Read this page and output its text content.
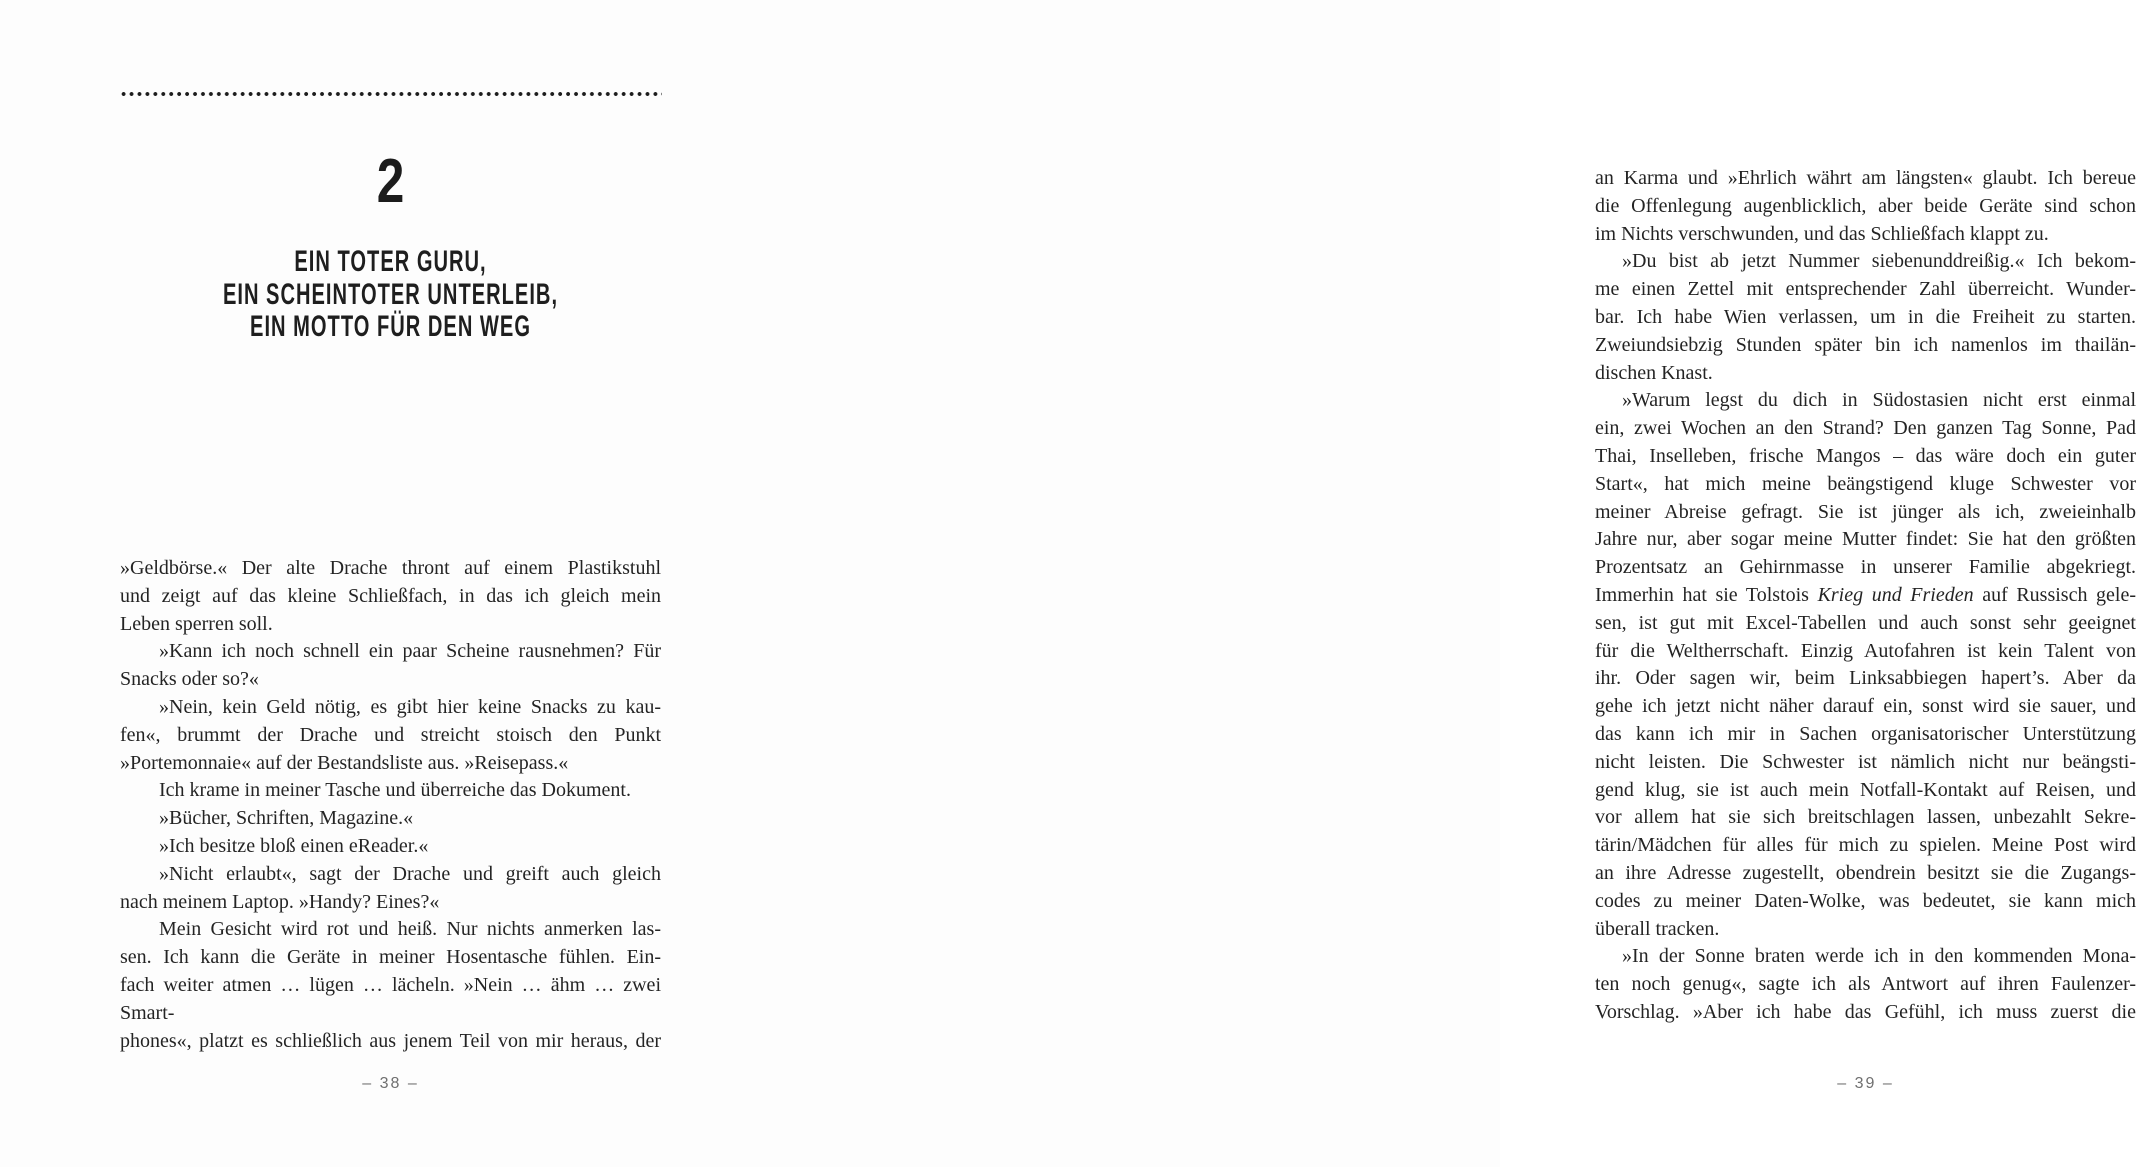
2
EIN TOTER GURU,
EIN SCHEINTOTER UNTERLEIB,
EIN MOTTO FÜR DEN WEG
»Geldbörse.« Der alte Drache thront auf einem Plastikstuhl
und zeigt auf das kleine Schließfach, in das ich gleich mein
Leben sperren soll.
»Kann ich noch schnell ein paar Scheine rausnehmen? Für
Snacks oder so?«
»Nein, kein Geld nötig, es gibt hier keine Snacks zu kau-
fen«, brummt der Drache und streicht stoisch den Punkt
»Portemonnaie« auf der Bestandsliste aus. »Reisepass.«
Ich krame in meiner Tasche und überreiche das Dokument.
»Bücher, Schriften, Magazine.«
»Ich besitze bloß einen eReader.«
»Nicht erlaubt«, sagt der Drache und greift auch gleich
nach meinem Laptop. »Handy? Eines?«
Mein Gesicht wird rot und heiß. Nur nichts anmerken las-
sen. Ich kann die Geräte in meiner Hosentasche fühlen. Ein-
fach weiter atmen … lügen … lächeln. »Nein … ähm … zwei Smart-
phones«, platzt es schließlich aus jenem Teil von mir heraus, der
– 38 –
an Karma und »Ehrlich währt am längsten« glaubt. Ich bereue
die Offenlegung augenblicklich, aber beide Geräte sind schon
im Nichts verschwunden, und das Schließfach klappt zu.
»Du bist ab jetzt Nummer siebenunddreißig.« Ich bekom-
me einen Zettel mit entsprechender Zahl überreicht. Wunder-
bar. Ich habe Wien verlassen, um in die Freiheit zu starten.
Zweiundsiebzig Stunden später bin ich namenlos im thailän-
dischen Knast.
»Warum legst du dich in Südostasien nicht erst einmal
ein, zwei Wochen an den Strand? Den ganzen Tag Sonne, Pad
Thai, Inselleben, frische Mangos – das wäre doch ein guter
Start«, hat mich meine beängstigend kluge Schwester vor
meiner Abreise gefragt. Sie ist jünger als ich, zweieinhalb
Jahre nur, aber sogar meine Mutter findet: Sie hat den größten
Prozentsatz an Gehirnmasse in unserer Familie abgekriegt.
Immerhin hat sie Tolstois Krieg und Frieden auf Russisch gele-
sen, ist gut mit Excel-Tabellen und auch sonst sehr geeignet
für die Weltherrschaft. Einzig Autofahren ist kein Talent von
ihr. Oder sagen wir, beim Linksabbiegen hapert’s. Aber da
gehe ich jetzt nicht näher darauf ein, sonst wird sie sauer, und
das kann ich mir in Sachen organisatorischer Unterstützung
nicht leisten. Die Schwester ist nämlich nicht nur beängsti-
gend klug, sie ist auch mein Notfall-Kontakt auf Reisen, und
vor allem hat sie sich breitschlagen lassen, unbezahlt Sekre-
tärin/Mädchen für alles für mich zu spielen. Meine Post wird
an ihre Adresse zugestellt, obendrein besitzt sie die Zugangs-
codes zu meiner Daten-Wolke, was bedeutet, sie kann mich
überall tracken.
»In der Sonne braten werde ich in den kommenden Mona-
ten noch genug«, sagte ich als Antwort auf ihren Faulenzer-
Vorschlag. »Aber ich habe das Gefühl, ich muss zuerst die
– 39 –
